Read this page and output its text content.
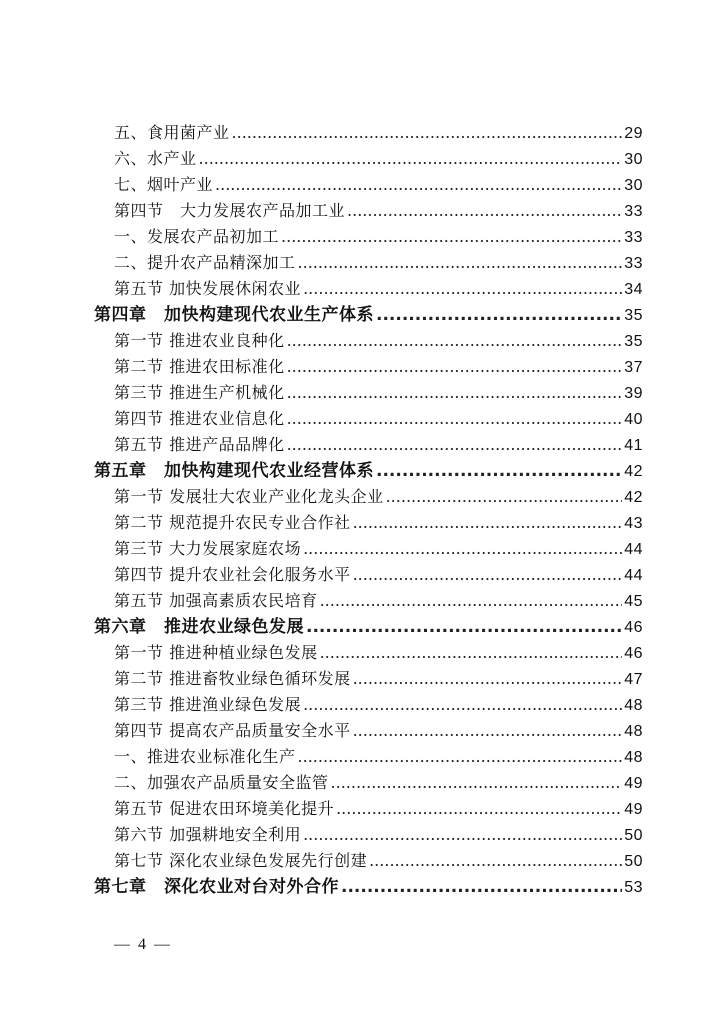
五、食用菌产业 .....	29
六、水产业 .....	30
七、烟叶产业 .....	30
第四节　大力发展农产品加工业 .....	33
一、发展农产品初加工 .....	33
二、提升农产品精深加工 .....	33
第五节 加快发展休闲农业 .....	34
第四章　加快构建现代农业生产体系 .....	35
第一节 推进农业良种化 .....	35
第二节 推进农田标准化 .....	37
第三节 推进生产机械化 .....	39
第四节 推进农业信息化 .....	40
第五节 推进产品品牌化 .....	41
第五章　加快构建现代农业经营体系 .....	42
第一节 发展壮大农业产业化龙头企业 .....	42
第二节 规范提升农民专业合作社 .....	43
第三节 大力发展家庭农场 .....	44
第四节 提升农业社会化服务水平 .....	44
第五节 加强高素质农民培育 .....	45
第六章　推进农业绿色发展 .....	46
第一节 推进种植业绿色发展 .....	46
第二节 推进畜牧业绿色循环发展 .....	47
第三节 推进渔业绿色发展 .....	48
第四节 提高农产品质量安全水平 .....	48
一、推进农业标准化生产 .....	48
二、加强农产品质量安全监管 .....	49
第五节 促进农田环境美化提升 .....	49
第六节 加强耕地安全利用 .....	50
第七节 深化农业绿色发展先行创建 .....	50
第七章　深化农业对台对外合作 .....	53
— 4 —
